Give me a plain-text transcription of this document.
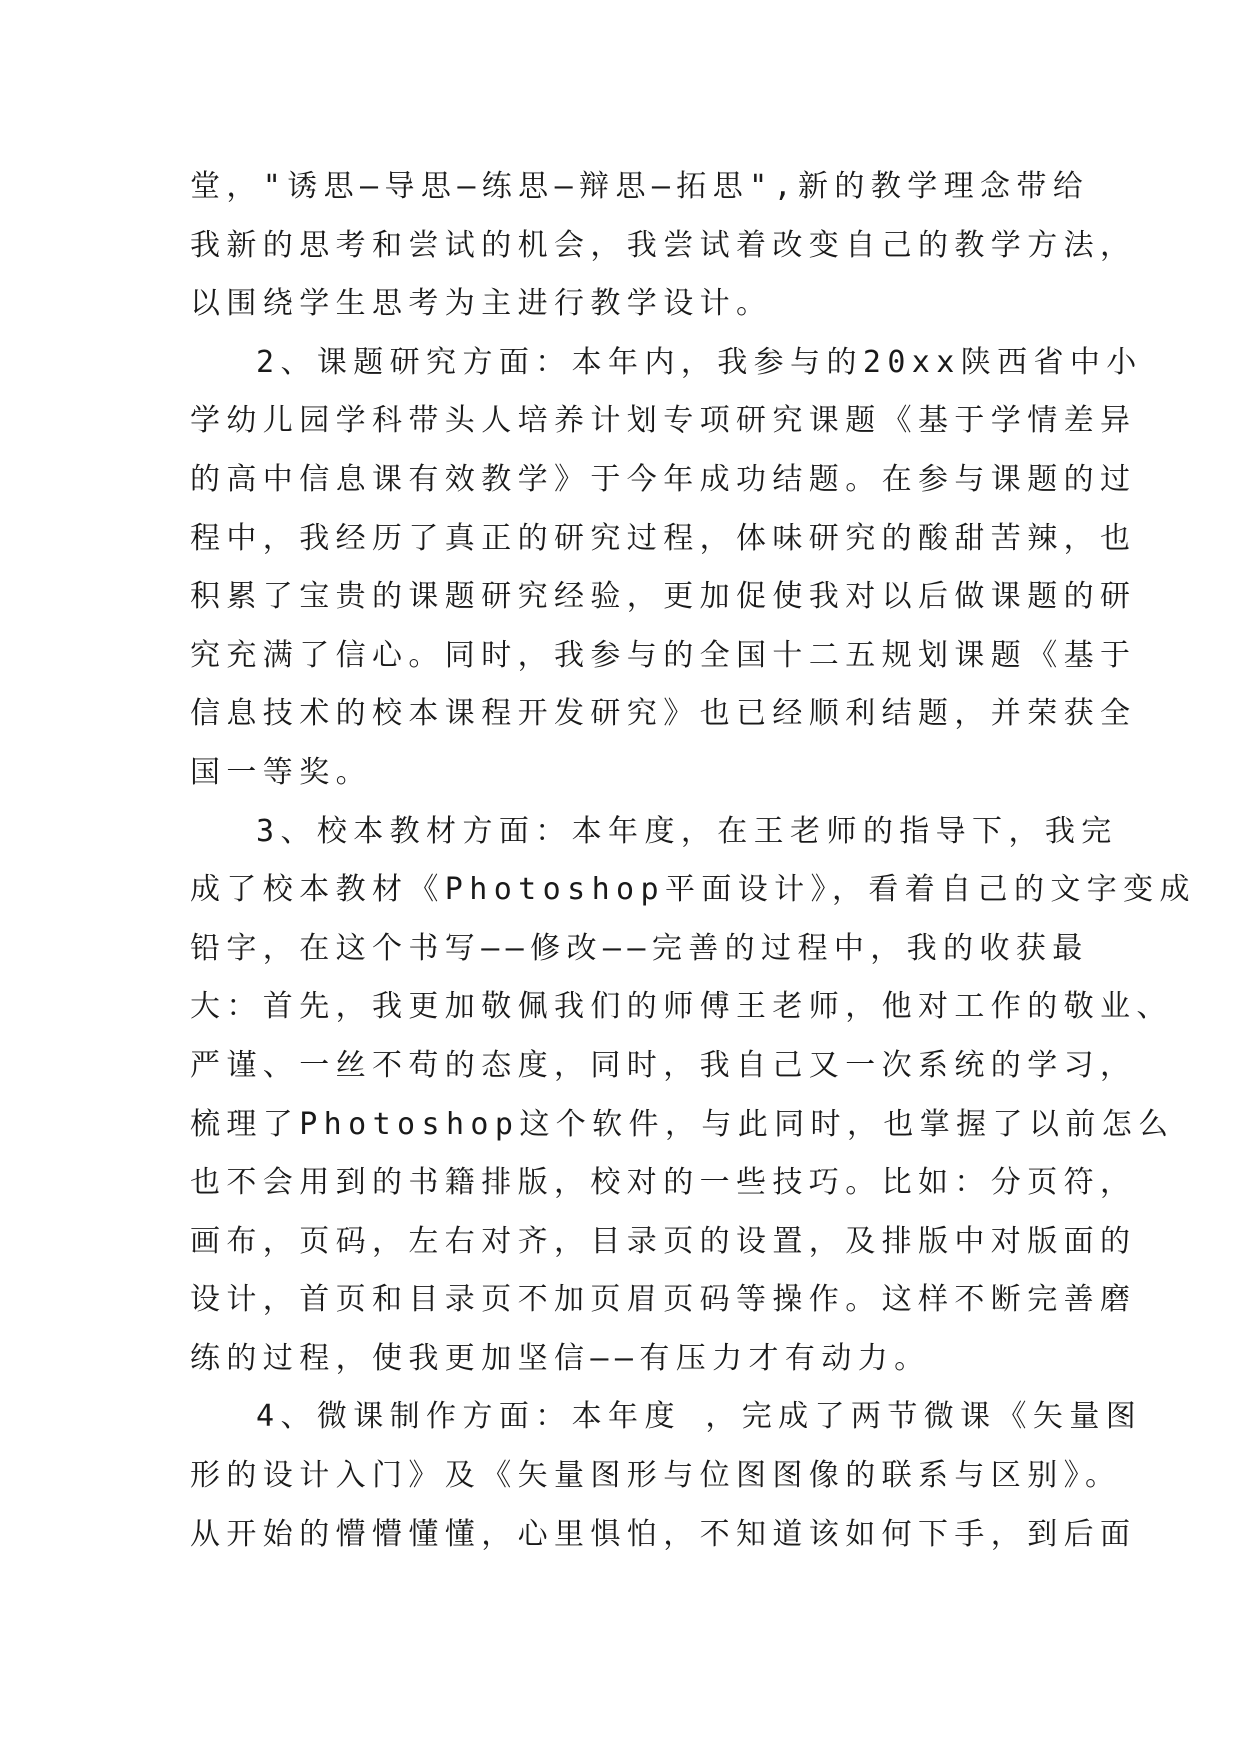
堂，"诱思—导思—练思—辩思—拓思",新的教学理念带给
我新的思考和尝试的机会，我尝试着改变自己的教学方法，
以围绕学生思考为主进行教学设计。
2、课题研究方面：本年内，我参与的20xx陕西省中小
学幼儿园学科带头人培养计划专项研究课题《基于学情差异
的高中信息课有效教学》于今年成功结题。在参与课题的过
程中，我经历了真正的研究过程，体味研究的酸甜苦辣，也
积累了宝贵的课题研究经验，更加促使我对以后做课题的研
究充满了信心。同时，我参与的全国十二五规划课题《基于
信息技术的校本课程开发研究》也已经顺利结题，并荣获全
国一等奖。
3、校本教材方面：本年度，在王老师的指导下，我完
成了校本教材《Photoshop平面设计》，看着自己的文字变成
铅字，在这个书写——修改——完善的过程中，我的收获最
大：首先，我更加敬佩我们的师傅王老师，他对工作的敬业、
严谨、一丝不苟的态度，同时，我自己又一次系统的学习，
梳理了Photoshop这个软件，与此同时，也掌握了以前怎么
也不会用到的书籍排版，校对的一些技巧。比如：分页符，
画布，页码，左右对齐，目录页的设置，及排版中对版面的
设计，首页和目录页不加页眉页码等操作。这样不断完善磨
练的过程，使我更加坚信——有压力才有动力。
4、微课制作方面：本年度 ，完成了两节微课《矢量图
形的设计入门》及《矢量图形与位图图像的联系与区别》。
从开始的懵懵懂懂，心里惧怕，不知道该如何下手，到后面
